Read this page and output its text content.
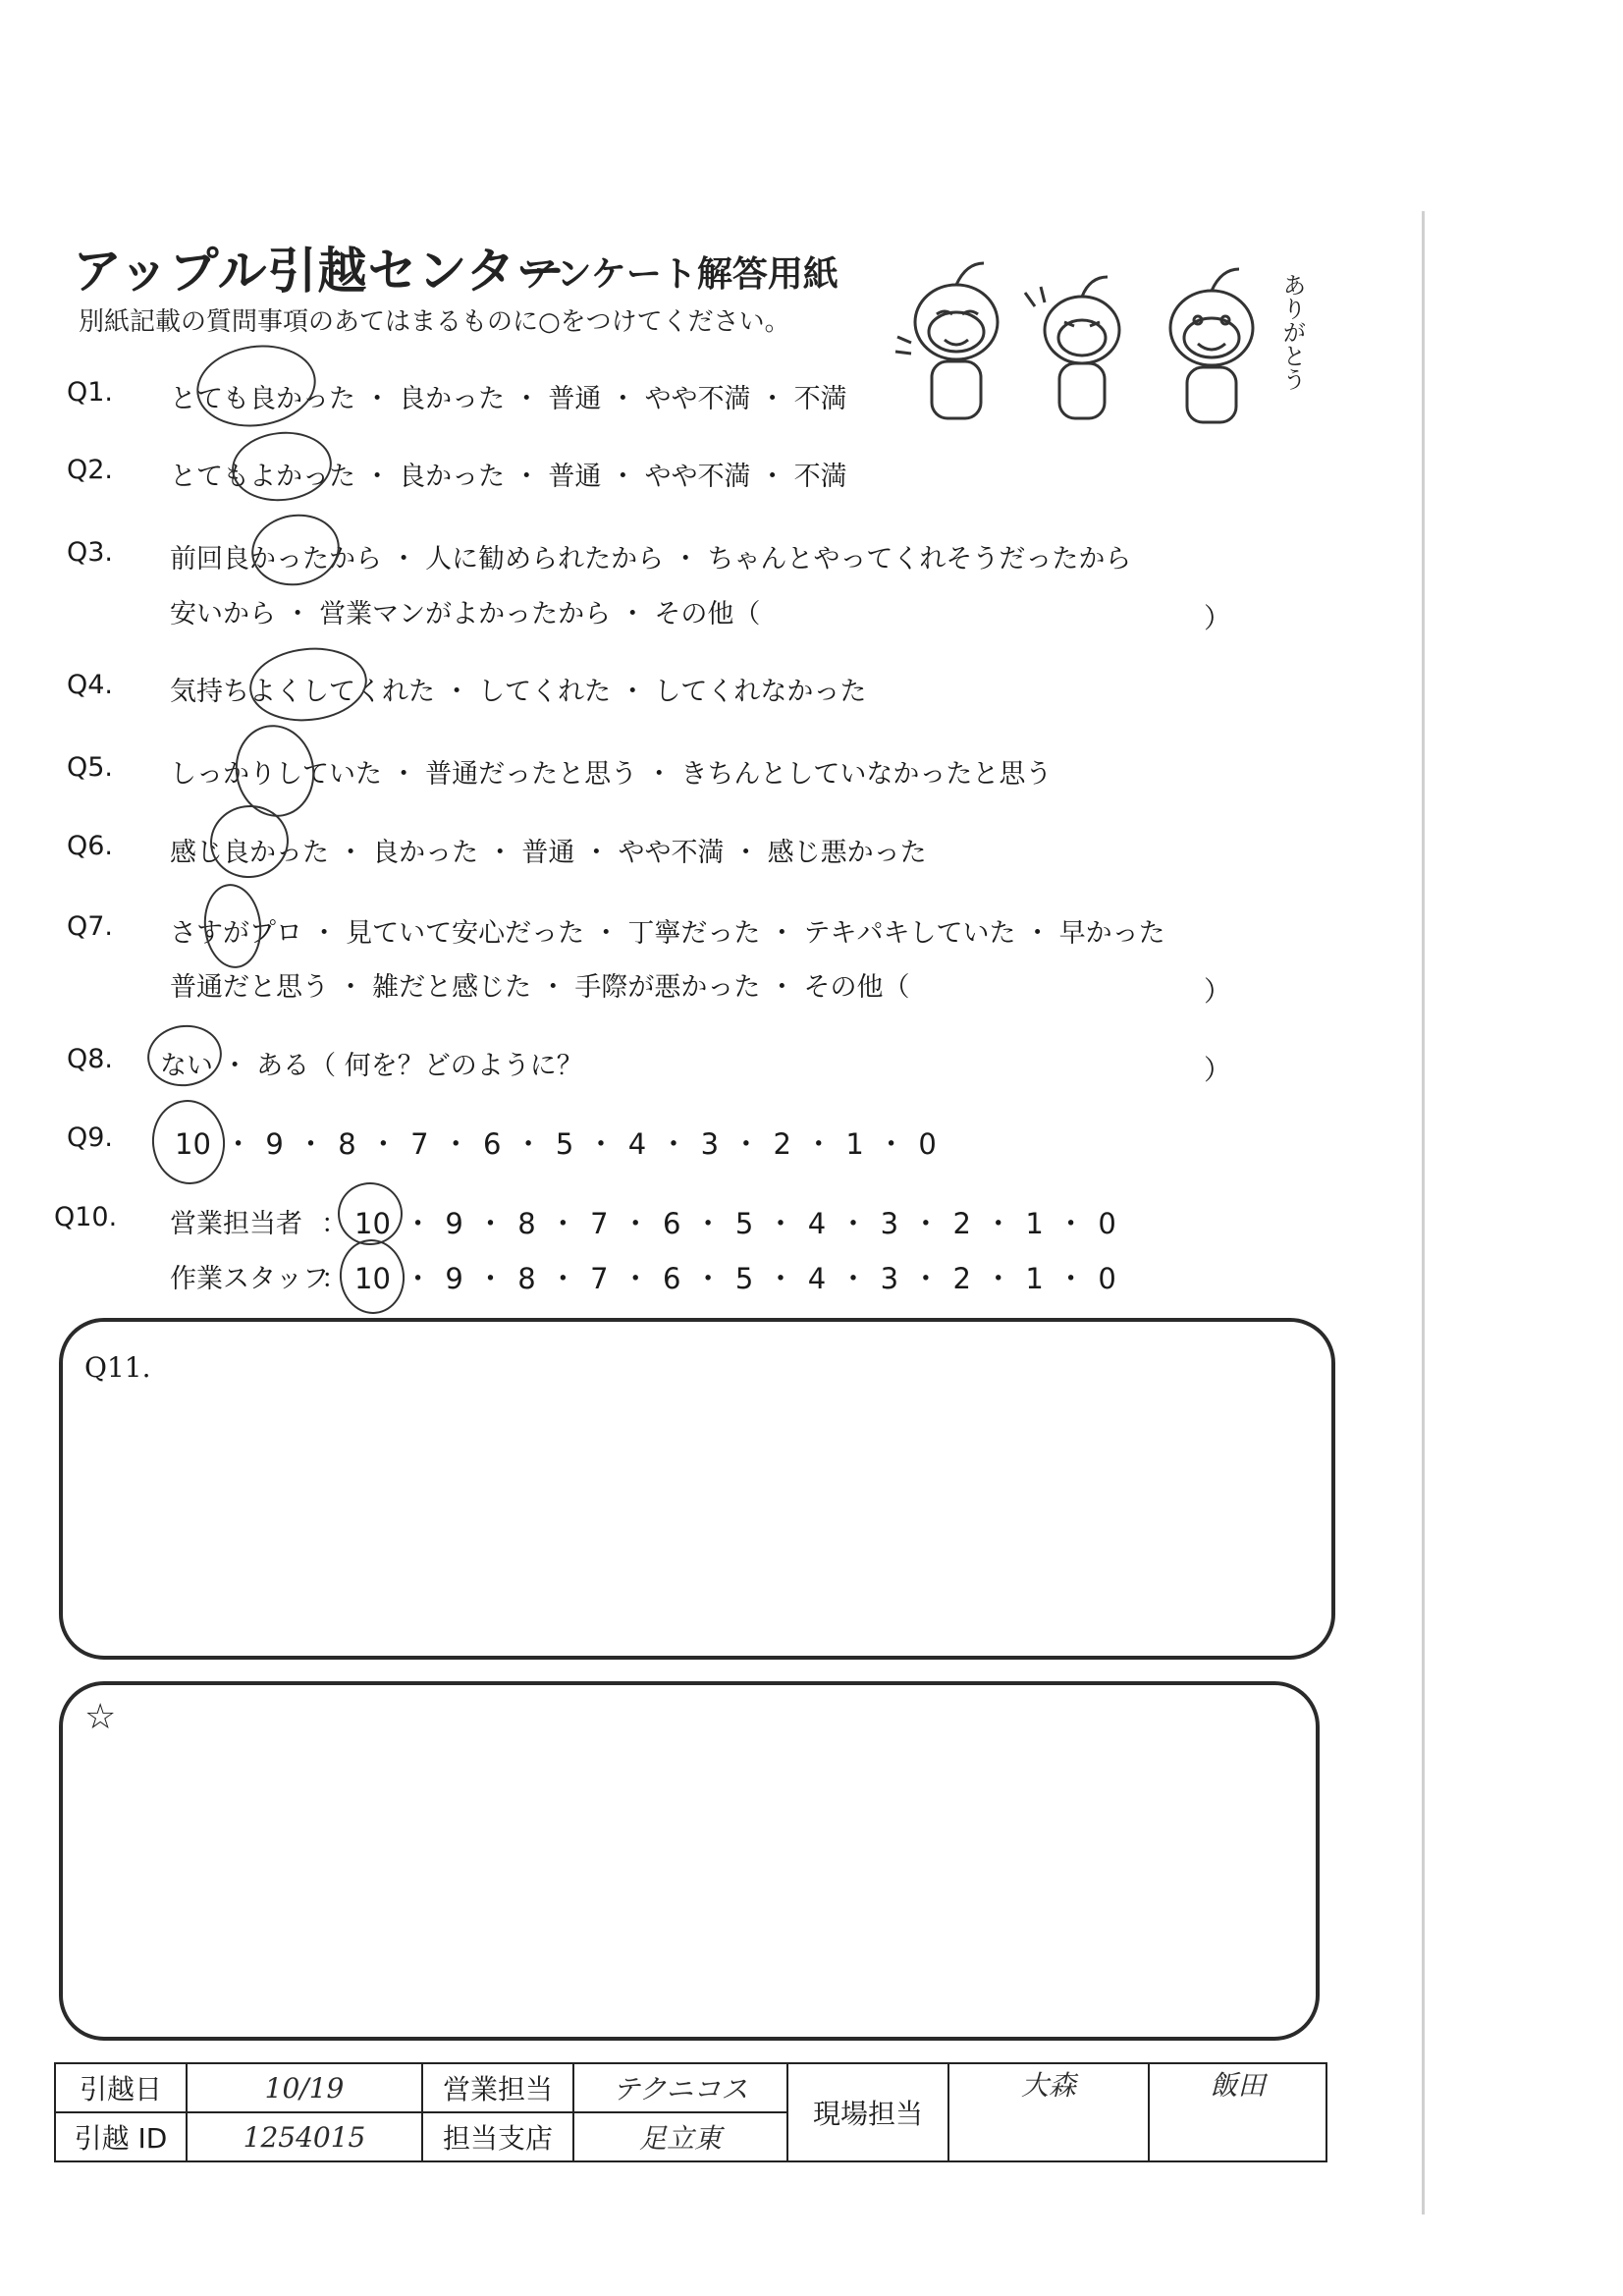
アップル引越センター
アンケート解答用紙
別紙記載の質問事項のあてはまるものに○をつけてください。	ありがとう
Q1.	とても良かった ・ 良かった ・ 普通 ・ やや不満 ・ 不満
Q2.	とてもよかった ・ 良かった ・ 普通 ・ やや不満 ・ 不満
Q3.	前回良かったから ・ 人に勧められたから ・ ちゃんとやってくれそうだったから
安いから ・ 営業マンがよかったから ・ その他（	）
Q4.	気持ちよくしてくれた ・ してくれた ・ してくれなかった
Q5.	しっかりしていた ・ 普通だったと思う ・ きちんとしていなかったと思う
Q6.	感じ良かった ・ 良かった ・ 普通 ・ やや不満 ・ 感じ悪かった
Q7.	さすがプロ ・ 見ていて安心だった ・ 丁寧だった ・ テキパキしていた ・ 早かった
普通だと思う ・ 雑だと感じた ・ 手際が悪かった ・ その他（	）
Q8.	ない ・ ある（ 何を？どのように？	）
Q9.	10 ・ 9 ・ 8 ・ 7 ・ 6 ・ 5 ・ 4 ・ 3 ・ 2 ・ 1 ・ 0
Q10.	営業担当者 ： 10 ・ 9 ・ 8 ・ 7 ・ 6 ・ 5 ・ 4 ・ 3 ・ 2 ・ 1 ・ 0
作業スタッフ
： 10 ・ 9 ・ 8 ・ 7 ・ 6 ・ 5 ・ 4 ・ 3 ・ 2 ・ 1 ・ 0
Q11.
☆
引越日	10/19	営業担当	テクニコス	現場担当	大森	飯田
引越 ID	1254015	担当支店	足立東			
